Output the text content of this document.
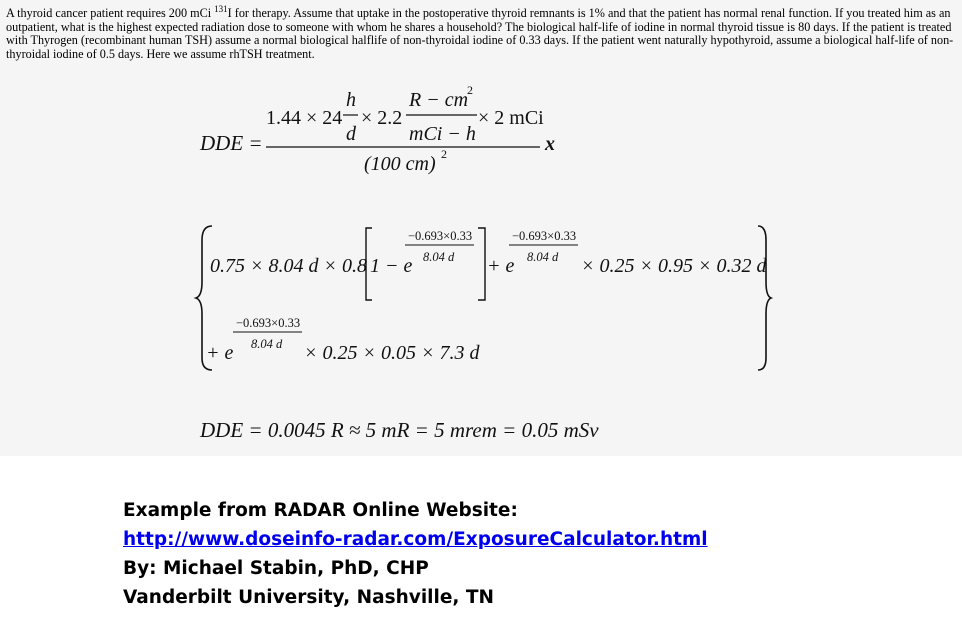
A thyroid cancer patient requires 200 mCi $^{131}$I for therapy. Assume that uptake in the postoperative thyroid remnants is 1% and that the patient has normal renal function. If you treated him as an outpatient, what is the highest expected radiation dose to someone with whom he shares a household? The biological half-life of iodine in normal thyroid tissue is 80 days. If the patient is treated with Thyrogen (recombinant human TSH) assume a normal biological halflife of non-thyroidal iodine of 0.33 days. If the patient went naturally hypothyroid, assume a biological half-life of non-thyroidal iodine of 0.5 days. Here we assume rhTSH treatment.

DDE =
1.44 × 24
h
d
× 2.2
R − cm
2
mCi − h
× 2 mCi
(100 cm) 2	x
0.75 × 8.04 d × 0.8 1 − e
−0.693×0.33
8.04 d + e
−0.693×0.33
8.04 d × 0.25 × 0.95 × 0.32 d
+ e
−0.693×0.33
8.04 d × 0.25 × 0.05 × 7.3 d
DDE = 0.0045 R ≈ 5 mR = 5 mrem = 0.05 mSv
Example from RADAR Online Website:
http://www.doseinfo-radar.com/ExposureCalculator.html
By: Michael Stabin, PhD, CHP
Vanderbilt University, Nashville, TN
